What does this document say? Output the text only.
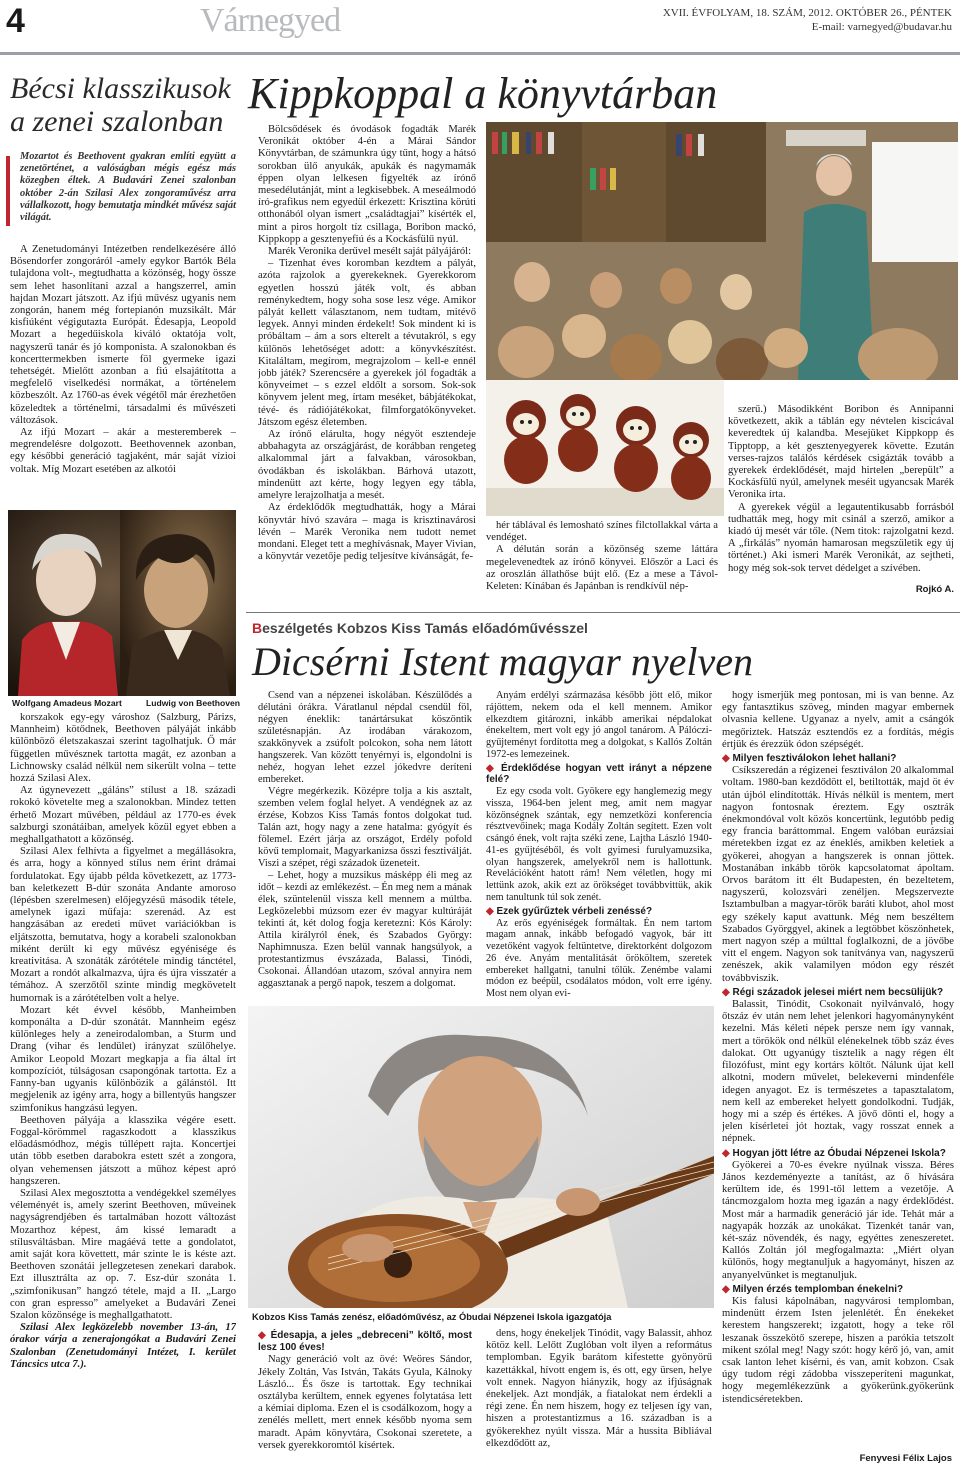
4	Várnegyed	XVII. ÉVFOLYAM, 18. SZÁM, 2012. OKTÓBER 26., PÉNTEK
E-mail: varnegyed@budavar.hu
Bécsi klasszikusok a zenei szalonban
Mozartot és Beethovent gyakran említi együtt a zenetörténet, a valóságban mégis egész más közegben éltek. A Budavári Zenei szalonban október 2-án Szilasi Alex zongoraművész arra vállalkozott, hogy bemutatja mindkét művész saját világát.

A Zenetudományi Intézetben rendelkezésére álló Bösendorfer zongoráról -amely egykor Bartók Béla tulajdona volt-, megtudhatta a közönség, hogy össze sem lehet hasonlítani azzal a hangszerrel, amin hajdan Mozart játszott. Az ifjú művész ugyanis nem zongorán, hanem még fortepianón muzsikált. Már kisfiúként végigutazta Európát. Édesapja, Leopold Mozart a hegedűiskola kiváló oktatója volt, nagyszerű tanár és jó komponista. A szalonokban és koncerttermekben ismerte föl gyermeke igazi tehetségét. Mielőtt azonban a fiú elsajátította a megfelelő viselkedési normákat, a történelem közbeszólt. Az 1760-as évek végétől már érezhetően közeledtek a történelmi, társadalmi és művészeti változások.

Az ifjú Mozart – akár a mesteremberek – megrendelésre dolgozott. Beethovennek azonban, egy későbbi generáció tagjaként, már saját vízioi voltak. Míg Mozart esetében az alkotói

Wolfgang Amadeus Mozart	Ludwig von Beethoven

korszakok egy-egy városhoz (Salzburg, Párizs, Mannheim) kötődnek, Beethoven pályáját inkább különböző életszakaszai szerint tagolhatjuk. Ő már független művésznek tartotta magát, ez azonban a Lichnowsky család nélkül nem sikerült volna – tette hozzá Szilasi Alex.

Az úgynevezett „gáláns” stílust a 18. századi rokokó követelte meg a szalonokban. Mindez tetten érhető Mozart művében, például az 1770-es évek salzburgi szonátáiban, amelyek közül egyet ebben a meghallgathatott a közönség.

Szilasi Alex felhívta a figyelmet a megállásokra, és arra, hogy a könnyed stílus nem érint drámai fordulatokat. Egy újabb példa következett, az 1773-ban keletkezett B-dúr szonáta Andante amoroso (lépésben szerelmesen) előjegyzésű második tétele, amelynek igazi műfaja: szerenád. Az est hangzásában az eredeti művet variációkban is eljátszotta, bemutatva, hogy a korabeli szalonokban miként derült ki egy művész egyénisége és kreativitása. A szonáták zárótétele mindig tánctétel, Mozart a rondót alkalmazva, újra és újra visszatér a témához. A szerzőtől szinte mindig megkövetelt humornak is a zárótételben volt a helye.

Mozart két évvel később, Manheimben komponálta a D-dúr szonátát. Mannheim egész különleges hely a zeneirodalomban, a Sturm und Drang (vihar és lendület) irányzat szülőhelye. Amikor Leopold Mozart megkapja a fia által írt kompozíciót, túlságosan csapongónak tartotta. Ez a Fanny-ban ugyanis különbözik a gálánstól. Itt megjelenik az igény arra, hogy a billentyűs hangszer szimfonikus hangzású legyen.

Beethoven pályája a klasszika végére esett. Foggal-körömmel ragaszkodott a klasszikus előadásmódhoz, mégis túllépett rajta. Koncertjei után több esetben darabokra estett szét a zongora, olyan vehemensen játszott a műhoz képest apró hangszeren.

Szilasi Alex megosztotta a vendégekkel személyes véleményét is, amely szerint Beethoven, műveinek nagyságrendjében és tartalmában hozott változást Mozarthoz képest, ám kissé lemaradt a stílusváltásban. Mire magáévá tette a gondolatot, amit saját kora követtett, már szinte le is késte azt. Beethoven szonátái jellegzetesen zenekari darabok. Ezt illusztrálta az op. 7. Esz-dúr szonáta 1. „szimfonikusan” hangzó tétele, majd a II. „Largo con gran espresso” amelyeket a Budavári Zenei Szalon közönsége is meghallgathatott.

Szilasi Alex legközelebb november 13-án, 17 órakor várja a zenerajongókat a Budavári Zenei Szalonban (Zenetudományi Intézet, I. kerület Táncsics utca 7.).

Kippkoppal a könyvtárban

Bölcsődések és óvodások fogadták Marék Veronikát október 4-én a Márai Sándor Könyvtárban, de számunkra úgy tűnt, hogy a hátsó sorokban ülő anyukák, apukák és nagymamák éppen olyan lelkesen figyelték az írónő mesedélutánját, mint a legkisebbek. A meseálmodó író-grafikus nem egyedül érkezett: Krisztina körúti otthonából olyan ismert „családtagjai” kísérték el, mint a piros horgolt tíz csillaga, Boribon mackó, Kippkopp a gesztenyefiú és a Kockásfülű nyúl.

Marék Veronika derűvel mesélt saját pályájáról:

– Tizenhat éves koromban kezdtem a pályát, azóta rajzolok a gyerekeknek. Gyerekkorom egyetlen hosszú játék volt, és abban reménykedtem, hogy soha sose lesz vége. Amikor pályát kellett választanom, nem tudtam, mitévő legyek. Annyi minden érdekelt! Sok mindent ki is próbáltam – ám a sors elterelt a tévutakról, s egy különös lehetőséget adott: a könyvkészítést. Kitaláltam, megírom, megrajzolom – kell-e ennél jobb játék? Szerencsére a gyerekek jól fogadták a könyveimet – s ezzel eldőlt a sorsom. Sok-sok könyvem jelent meg, írtam meséket, bábjátékokat, tévé- és rádiójátékokat, filmforgatókönyveket. Játszom egész életemben.

Az írónő elárulta, hogy négyöt esztendeje abbahagyta az országjárást, de korábban rengeteg alkalommal járt a falvakban, városokban, óvodákban és iskolákban. Bárhová utazott, mindenütt azt kérte, hogy legyen egy tábla, amelyre lerajzolhatja a mesét.

Az érdeklődők megtudhatták, hogy a Márai könyvtár hívó szavára – maga is krisztinavárosi lévén – Marék Veronika nem tudott nemet mondani. Eleget tett a meghívásnak, Mayer Vivian, a könyvtár vezetője pedig teljesítve kívánságát, fe-

hér táblával és lemosható színes filctollakkal várta a vendéget.

A délután során a közönség szeme láttára megelevenedtek az írónő könyvei. Először a Laci és az oroszlán állathőse bújt elő. (Ez a mese a Távol-Keleten: Kínában és Japánban is rendkívül nép-

szerű.) Másodikként Boribon és Annipanni következett, akik a táblán egy névtelen kiscicával keveredtek új kalandba. Mesejüket Kippkopp és Tipptopp, a két gesztenyegyerek követte. Ezután verses-rajzos találós kérdések csigázták tovább a gyerekek érdeklődését, majd hirtelen „berepült” a Kockásfülű nyúl, amelynek meséit ugyancsak Marék Veronika írta.

A gyerekek végül a legautentikusabb forrásból tudhatták meg, hogy mit csinál a szerző, amikor a kiadó új mesét vár tőle. (Nem titok: rajzolgatni kezd. A „firkálás” nyomán hamarosan megszületik egy új történet.) Aki ismeri Marék Veronikát, az sejtheti, hogy még sok-sok tervet dédelget a szívében.

Rojkó A.
Beszélgetés Kobzos Kiss Tamás előadóművésszel
Dicsérni Istent magyar nyelven

Csend van a népzenei iskolában. Készülődés a délutáni órákra. Váratlanul népdal csendül föl, négyen éneklik: tanártársukat köszöntik születésnapján. Az irodában várakozom, szakkönyvek a zsúfolt polcokon, soha nem látott hangszerek. Van között tenyérnyi is, elgondolni is nehéz, hogyan lehet ezzel jókedvre deríteni embereket.

Végre megérkezik. Középre tolja a kis asztalt, szemben velem foglal helyet. A vendégnek az az érzése, Kobzos Kiss Tamás fontos dolgokat tud. Talán azt, hogy nagy a zene hatalma: gyógyít és fölemel. Ezért járja az országot, Erdély pofold kövű templomait, Magyarkanizsa ősszi fesztiválját. Viszi a szépet, régi századok üzeneteit.

– Lehet, hogy a muzsikus másképp éli meg az időt – kezdi az emlékezést. – Én meg nem a mának élek, szüntelenül vissza kell mennem a múltba. Legközelebbi múzsom ezer év magyar kultúráját tekinti át, két dolog fogja keretezni: Kós Károly: Attila királyról ének, és Szabados György: Naphimnusza. Ezen belül vannak hangsúlyok, a protestantizmus évszázada, Balassi, Tinódi, Csokonai. Állandóan utazom, szóval annyira nem aggasztanak a pergő napok, teszem a dolgomat.

Anyám erdélyi származása később jött elő, mikor rájöttem, nekem oda el kell mennem. Amikor elkezdtem gitározni, inkább amerikai népdalokat énekeltem, mert volt egy jó angol tanárom. A Pálóczi-gyűjteményt fordította meg a dolgokat, s Kallós Zoltán 1972-es lemezeinek.

◆ Érdeklődése hogyan vett irányt a népzene felé?

Ez egy csoda volt. Gyökere egy hanglemezig megy vissza, 1964-ben jelent meg, amit nem magyar közönségnek szántak, egy nemzetközi konferencia résztvevőinek; maga Kodály Zoltán segített. Ezen volt csángó ének, volt rajta széki zene, Lajtha László 1940-41-es gyűjtéséből, és volt gyimesi furulyamuzsika, olyan hangszerek, amelyekről nem is hallottunk. Revelációként hatott rám! Nem véletlen, hogy mi lettünk azok, akik ezt az örökséget továbbvittük, akik nem tanultunk túl sok zenét.

◆ Ezek gyűrűztek vérbeli zenéssé?

Az erős egyéniségek formáltak. Én nem tartom magam annak, inkább befogadó vagyok, bár itt vezetőként vagyok feltüntetve, direktorként dolgozom 26 éve. Anyám mentalitását örököltem, szeretek embereket hallgatni, tanulni tőlük. Zenémbe valami módon ez beépül, csodálatos módon, volt erre igény. Most nem olyan evi-

hogy ismerjük meg pontosan, mi is van benne. Az egy fantasztikus szöveg, minden magyar embernek olvasnia kellene. Ugyanaz a nyelv, amit a csángók megőriztek. Hatszáz esztendős ez a fordítás, mégis értjük és érezzük ódon szépségét.

◆ Milyen fesztiválokon lehet hallani?

Csíkszeredán a régizenei fesztiválon 20 alkalommal voltam. 1980-ban kezdődött el, betiltották, majd öt év után újból elindították. Hívás nélkül is mentem, mert nagyon fontosnak éreztem. Egy osztrák énekmondóval volt közös koncertünk, legutóbb pedig egy francia baráttommal. Engem valóban eurázsiai méretekben izgat ez az éneklés, amikben keletiek a gyökerei, ahogyan a hangszerek is onnan jöttek. Mostanában inkább török kapcsolatomat ápoltam. Orvos barátom itt élt Budapesten, én bezeltetem, nagyszerű, kolozsvári zenéljen. Megszervezte Isztambulban a magyar-török baráti klubot, ahol most egy székely kaput avattunk. Még nem beszéltem Szabados Györggyel, akinek a legtöbbet köszönhetek, mert nagyon szép a múlttal foglalkozni, de a jövőbe vitt el engem. Nagyon sok tanítványa van, nagyszerű zenészek, akik valamilyen módon egy részét továbbviszik.

◆ Régi századok jelesei miért nem becsülijük?

Balassit, Tinódit, Csokonait nyilvánvaló, hogy őtszáz év után nem lehet jelenkori hagyománynyként kezelni. Más kéleti népek persze nem így vannak, mert a törökök ond nélkül elénekelnek több száz éves dalokat. Ott ugyanúgy tisztelik a nagy régen élt filozófust, mint egy kortárs költőt. Nálunk újat kell alkotni, modern művelet, belekeverni mindenféle idegen anyagot. Ez is természetes a tapasztalatom, nem kell az embereket helyett gondolkodni. Tudják, hogy mi a szép és értékes. A jövő dönti el, hogy a jelen kísérletei jót hoztak, vagy rosszat ennek a népnek.

◆ Hogyan jött létre az Óbudai Népzenei Iskola?

Gyökerei a 70-es évekre nyúlnak vissza. Béres János kezdeményezte a tanítást, az ő hívására kerültem ide, és 1991-től lettem a vezetője. A táncmozgalom hozta meg igazán a nagy érdeklődést. Most már a harmadik generáció jár ide. Tehát már a nagyapák hozzák az unokákat. Tizenkét tanár van, két-száz növendék, és nagy, egyéttes zeneszeretet. Kallós Zoltán jól megfogalmazta: „Miért olyan különös, hogy megtanuljuk a hagyományt, hiszen az anyanyelvünket is megtanuljuk.

◆ Milyen érzés templomban énekelni?

Kis falusi kápolnában, nagyvárosi templomban, mindenütt érzem Isten jelenlétét. Én énekeket kerestem hangszerekt; izgatott, hogy a teke ről leszanak összekötő szerepe, hiszen a parókia tetszolt mikent szólal meg! Nagy szót: hogy kérő jó, van, amit csak lanton lehet kísérni, és van, amit kobzon. Csak úgy tudom régi zádobba visszeperíteni magunkat, hogy megemlékezzünk a gyökerünk.gyökerünk istendicséretekben.

Kobzos Kiss Tamás zenész, előadóművész, az Óbudai Népzenei Iskola igazgatója

◆ Édesapja, a jeles „debreceni” költő, most lesz 100 éves!

Nagy generáció volt az övé: Weöres Sándor, Jékely Zoltán, Vas István, Takáts Gyula, Kálnoky László... És ősze is tartottak. Egy technikai osztályba kerültem, ennek egyenes folytatása lett a kémiai diploma. Ezen el is csodálkozom, hogy a zenélés mellett, mert ennek később nyoma sem maradt. Apám könyvtára, Csokonai szeretete, a versek gyerekkoromtól kísértek.

dens, hogy énekeljek Tinódit, vagy Balassit, ahhoz kötöz kell. Lelőtt Zuglóban volt ilyen a református templomban. Egyik barátom kifestette gyönyörű kazettákkal, hívott engem is, és ott, egy ürsen, helye volt ennek. Nagyon hiányzik, hogy az ifjúságnak énekeljek. Azt mondják, a fiatalokat nem érdekli a régi zene. Én nem hiszem, hogy ez teljesen így van, hiszen a protestantizmus a 16. században is a gyökerekhez nyúlt vissza. Már a hussita Bibliával elkezdődött az,

Fenyvesi Félix Lajos
